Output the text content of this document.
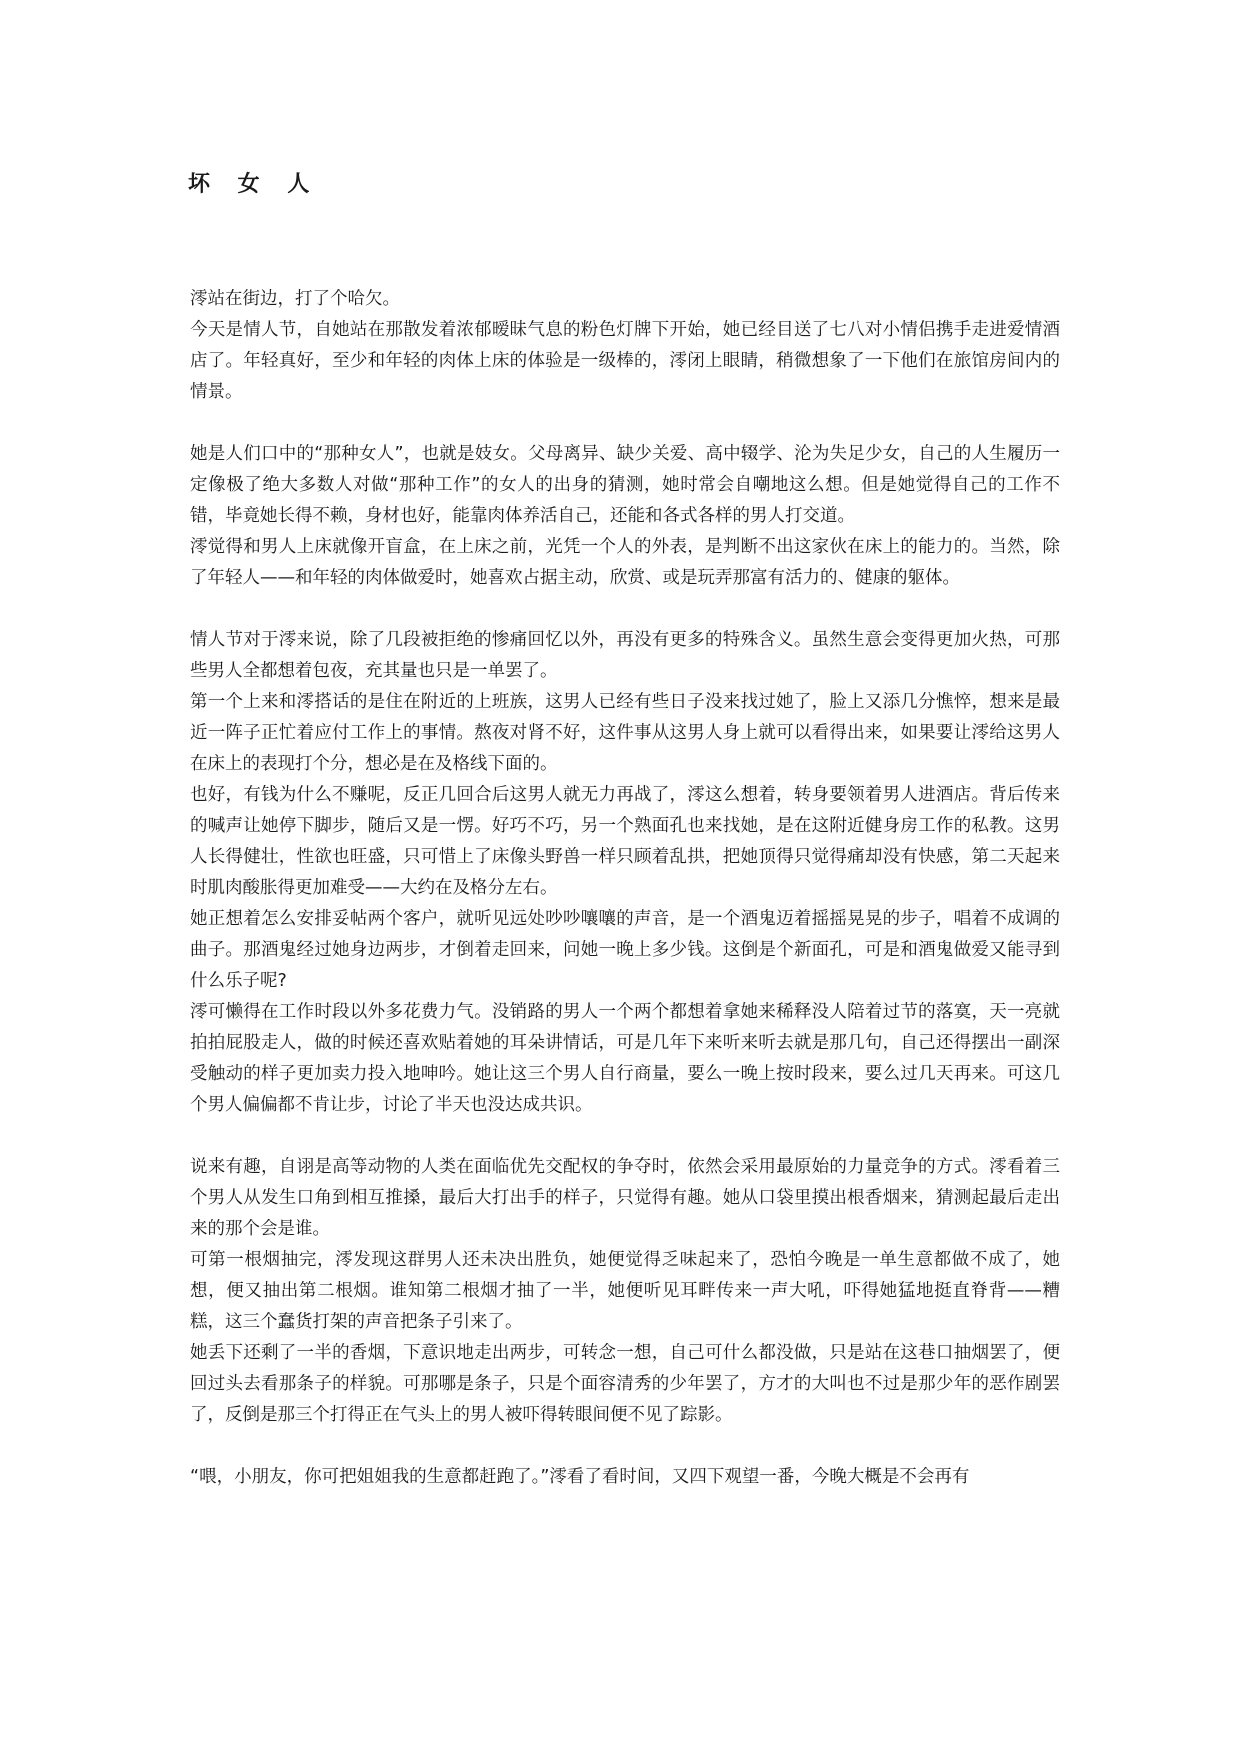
坏 女 人

澪站在街边，打了个哈欠。

今天是情人节，自她站在那散发着浓郁暧昧气息的粉色灯牌下开始，她已经目送了七八对小情侣携手走进爱情酒店了。年轻真好，至少和年轻的肉体上床的体验是一级棒的，澪闭上眼睛，稍微想象了一下他们在旅馆房间内的情景。

她是人们口中的“那种女人”，也就是妓女。父母离异、缺少关爱、高中辍学、沦为失足少女，自己的人生履历一定像极了绝大多数人对做“那种工作”的女人的出身的猜测，她时常会自嘲地这么想。但是她觉得自己的工作不错，毕竟她长得不赖，身材也好，能靠肉体养活自己，还能和各式各样的男人打交道。

澪觉得和男人上床就像开盲盒，在上床之前，光凭一个人的外表，是判断不出这家伙在床上的能力的。当然，除了年轻人——和年轻的肉体做爱时，她喜欢占据主动，欣赏、或是玩弄那富有活力的、健康的躯体。

情人节对于澪来说，除了几段被拒绝的惨痛回忆以外，再没有更多的特殊含义。虽然生意会变得更加火热，可那些男人全都想着包夜，充其量也只是一单罢了。

第一个上来和澪搭话的是住在附近的上班族，这男人已经有些日子没来找过她了，脸上又添几分憔悴，想来是最近一阵子正忙着应付工作上的事情。熬夜对肾不好，这件事从这男人身上就可以看得出来，如果要让澪给这男人在床上的表现打个分，想必是在及格线下面的。

也好，有钱为什么不赚呢，反正几回合后这男人就无力再战了，澪这么想着，转身要领着男人进酒店。背后传来的喊声让她停下脚步，随后又是一愣。好巧不巧，另一个熟面孔也来找她，是在这附近健身房工作的私教。这男人长得健壮，性欲也旺盛，只可惜上了床像头野兽一样只顾着乱拱，把她顶得只觉得痛却没有快感，第二天起来时肌肉酸胀得更加难受——大约在及格分左右。

她正想着怎么安排妥帖两个客户，就听见远处吵吵嚷嚷的声音，是一个酒鬼迈着摇摇晃晃的步子，唱着不成调的曲子。那酒鬼经过她身边两步，才倒着走回来，问她一晚上多少钱。这倒是个新面孔，可是和酒鬼做爱又能寻到什么乐子呢?

澪可懒得在工作时段以外多花费力气。没销路的男人一个两个都想着拿她来稀释没人陪着过节的落寞，天一亮就拍拍屁股走人，做的时候还喜欢贴着她的耳朵讲情话，可是几年下来听来听去就是那几句，自己还得摆出一副深受触动的样子更加卖力投入地呻吟。她让这三个男人自行商量，要么一晚上按时段来，要么过几天再来。可这几个男人偏偏都不肯让步，讨论了半天也没达成共识。

说来有趣，自诩是高等动物的人类在面临优先交配权的争夺时，依然会采用最原始的力量竞争的方式。澪看着三个男人从发生口角到相互推搡，最后大打出手的样子，只觉得有趣。她从口袋里摸出根香烟来，猜测起最后走出来的那个会是谁。

可第一根烟抽完，澪发现这群男人还未决出胜负，她便觉得乏味起来了，恐怕今晚是一单生意都做不成了，她想，便又抽出第二根烟。谁知第二根烟才抽了一半，她便听见耳畔传来一声大吼，吓得她猛地挺直脊背——糟糕，这三个蠢货打架的声音把条子引来了。

她丢下还剩了一半的香烟，下意识地走出两步，可转念一想，自己可什么都没做，只是站在这巷口抽烟罢了，便回过头去看那条子的样貌。可那哪是条子，只是个面容清秀的少年罢了，方才的大叫也不过是那少年的恶作剧罢了，反倒是那三个打得正在气头上的男人被吓得转眼间便不见了踪影。

“喂，小朋友，你可把姐姐我的生意都赶跑了。”澪看了看时间，又四下观望一番，今晚大概是不会再有
